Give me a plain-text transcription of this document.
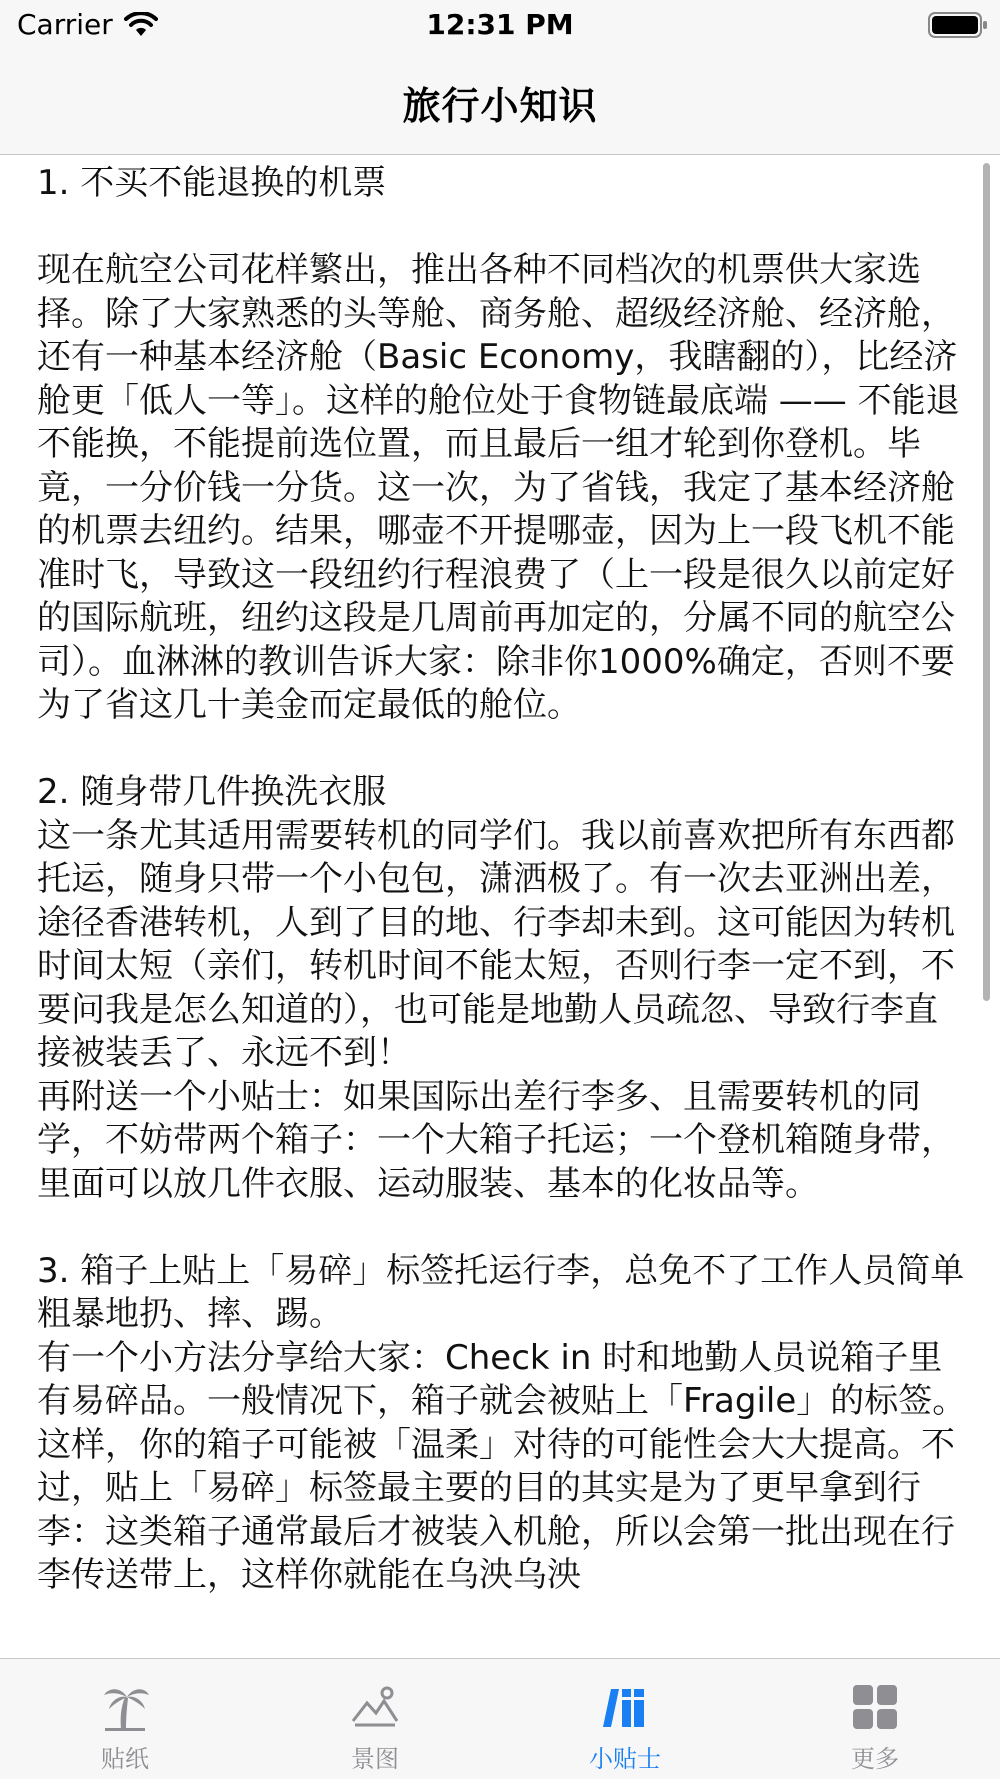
Carrier	12:31 PM
旅行小知识

1. 不买不能退换的机票

现在航空公司花样繁出，推出各种不同档次的机票供大家选择。除了大家熟悉的头等舱、商务舱、超级经济舱、经济舱，还有一种基本经济舱（Basic Economy，我瞎翻的），比经济舱更「低人一等」。这样的舱位处于食物链最底端 —— 不能退不能换，不能提前选位置，而且最后一组才轮到你登机。毕竟，一分价钱一分货。这一次，为了省钱，我定了基本经济舱的机票去纽约。结果，哪壶不开提哪壶，因为上一段飞机不能准时飞，导致这一段纽约行程浪费了（上一段是很久以前定好的国际航班，纽约这段是几周前再加定的，分属不同的航空公司）。血淋淋的教训告诉大家：除非你1000%确定，否则不要为了省这几十美金而定最低的舱位。

2. 随身带几件换洗衣服
这一条尤其适用需要转机的同学们。我以前喜欢把所有东西都托运，随身只带一个小包包，潇洒极了。有一次去亚洲出差，途径香港转机，人到了目的地、行李却未到。这可能因为转机时间太短（亲们，转机时间不能太短，否则行李一定不到，不要问我是怎么知道的），也可能是地勤人员疏忽、导致行李直接被装丢了、永远不到！
再附送一个小贴士：如果国际出差行李多、且需要转机的同学，不妨带两个箱子：一个大箱子托运；一个登机箱随身带，里面可以放几件衣服、运动服装、基本的化妆品等。

3. 箱子上贴上「易碎」标签托运行李，总免不了工作人员简单粗暴地扔、摔、踢。
有一个小方法分享给大家：Check in 时和地勤人员说箱子里有易碎品。一般情况下，箱子就会被贴上「Fragile」的标签。这样，你的箱子可能被「温柔」对待的可能性会大大提高。不过，贴上「易碎」标签最主要的目的其实是为了更早拿到行李：这类箱子通常最后才被装入机舱，所以会第一批出现在行李传送带上，这样你就能在乌泱乌泱

贴纸	景图	小贴士	更多
